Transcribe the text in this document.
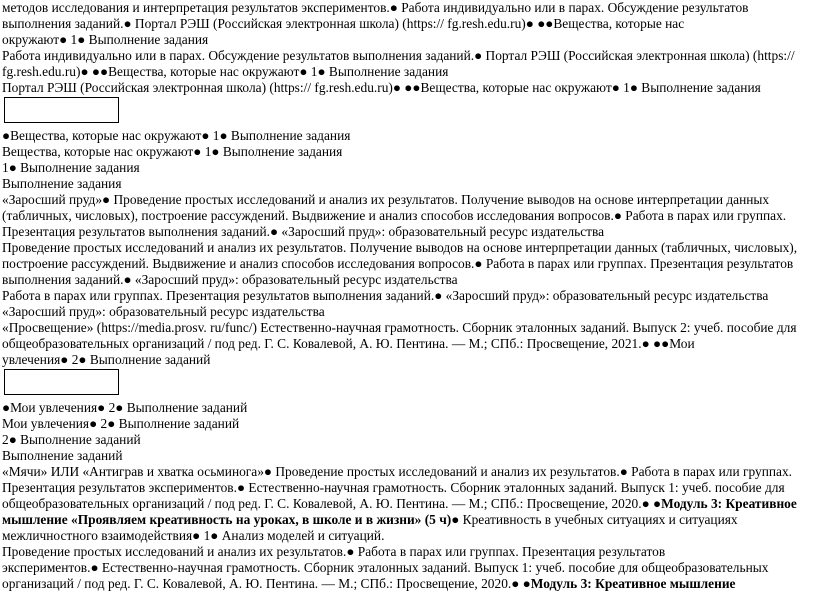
методов исследования и интерпретация результатов экспериментов.● Работа индивидуально или в парах. Обсуждение результатов
выполнения заданий.● Портал РЭШ (Российская электронная школа) (https:// fg.resh.edu.ru)● ●●Вещества, которые нас
окружают● 1● Выполнение задания
Работа индивидуально или в парах. Обсуждение результатов выполнения заданий.● Портал РЭШ (Российская электронная школа) (https://
fg.resh.edu.ru)● ●●Вещества, которые нас окружают● 1● Выполнение задания
Портал РЭШ (Российская электронная школа) (https:// fg.resh.edu.ru)● ●●Вещества, которые нас окружают● 1● Выполнение задания
●Вещества, которые нас окружают● 1● Выполнение задания
Вещества, которые нас окружают● 1● Выполнение задания
1● Выполнение задания
Выполнение задания
«Заросший пруд»● Проведение простых исследований и анализ их результатов. Получение выводов на основе интерпретации данных
(табличных, числовых), построение рассуждений. Выдвижение и анализ способов исследования вопросов.● Работа в парах или группах.
Презентация результатов выполнения заданий.● «Заросший пруд»: образовательный ресурс издательства
Проведение простых исследований и анализ их результатов. Получение выводов на основе интерпретации данных (табличных, числовых),
построение рассуждений. Выдвижение и анализ способов исследования вопросов.● Работа в парах или группах. Презентация результатов
выполнения заданий.● «Заросший пруд»: образовательный ресурс издательства
Работа в парах или группах. Презентация результатов выполнения заданий.● «Заросший пруд»: образовательный ресурс издательства
«Заросший пруд»: образовательный ресурс издательства
«Просвещение» (https://media.prosv. ru/func/) Естественно-научная грамотность. Сборник эталонных заданий. Выпуск 2: учеб. пособие для
общеобразовательных организаций / под ред. Г. С. Ковалевой, А. Ю. Пентина. — М.; СПб.: Просвещение, 2021.● ●●Мои
увлечения● 2● Выполнение заданий
●Мои увлечения● 2● Выполнение заданий
Мои увлечения● 2● Выполнение заданий
2● Выполнение заданий
Выполнение заданий
«Мячи» ИЛИ «Антиграв и хватка осьминога»● Проведение простых исследований и анализ их результатов.● Работа в парах или группах.
Презентация результатов экспериментов.● Естественно-научная грамотность. Сборник эталонных заданий. Выпуск 1: учеб. пособие для
общеобразовательных организаций / под ред. Г. С. Ковалевой, А. Ю. Пентина. — М.; СПб.: Просвещение, 2020.● ●Модуль 3: Креативное
мышление «Проявляем креативность на уроках, в школе и в жизни» (5 ч)● Креативность в учебных ситуациях и ситуациях
межличностного взаимодействия● 1● Анализ моделей и ситуаций.
Проведение простых исследований и анализ их результатов.● Работа в парах или группах. Презентация результатов
экспериментов.● Естественно-научная грамотность. Сборник эталонных заданий. Выпуск 1: учеб. пособие для общеобразовательных
организаций / под ред. Г. С. Ковалевой, А. Ю. Пентина. — М.; СПб.: Просвещение, 2020.● ●Модуль 3: Креативное мышление
